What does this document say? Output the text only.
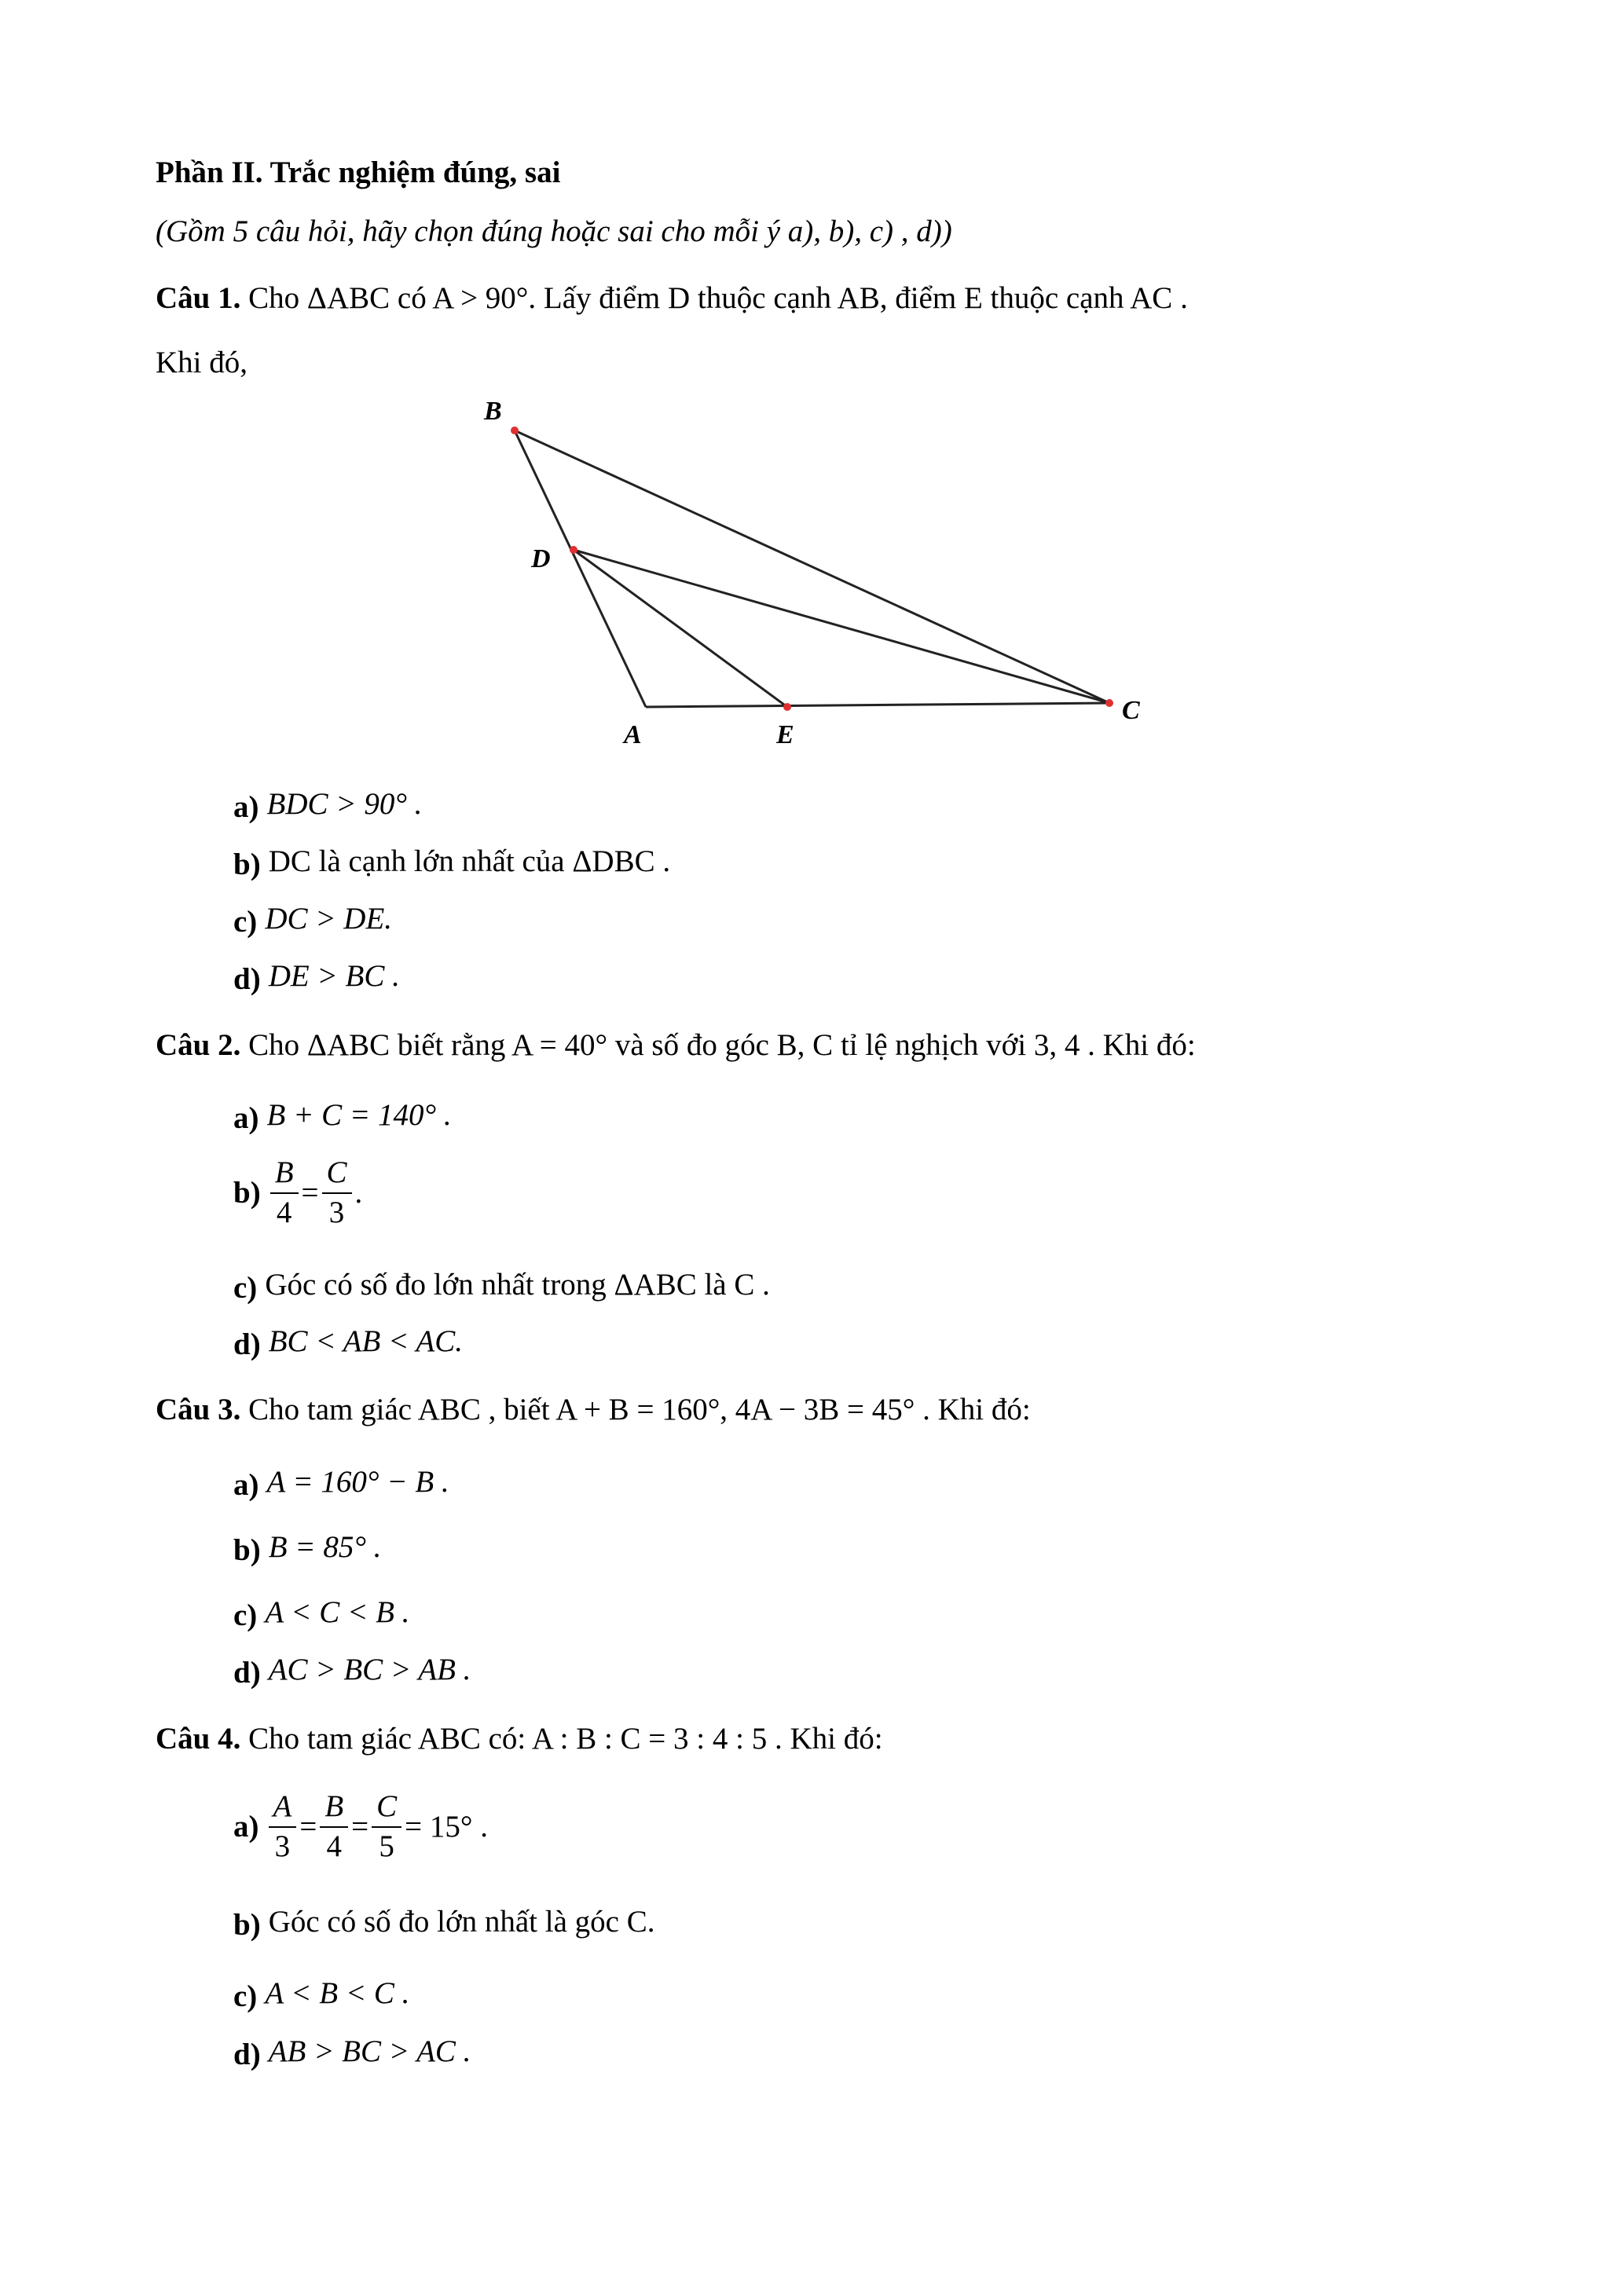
Phần II. Trắc nghiệm đúng, sai
(Gồm 5 câu hỏi, hãy chọn đúng hoặc sai cho mỗi ý a), b), c) , d))
Câu 1. Cho ΔABC có A > 90°. Lấy điểm D thuộc cạnh AB, điểm E thuộc cạnh AC .
Khi đó,
B
D
A	E
C
a) BDC > 90° .
b) DC là cạnh lớn nhất của ΔDBC .
c) DC > DE.
d) DE > BC .
Câu 2. Cho ΔABC biết rằng A = 40° và số đo góc B, C tỉ lệ nghịch với 3, 4 . Khi đó:
a) B + C = 140° .
$b) \frac{B}{4} = \frac{C}{3}$ .
c) Góc có số đo lớn nhất trong ΔABC là C .
d) BC < AB < AC.
Câu 3. Cho tam giác ABC , biết A + B = 160°, 4A − 3B = 45° . Khi đó:
a) A = 160° − B .
b) B = 85° .
c) A < C < B .
d) AC > BC > AB .
Câu 4. Cho tam giác ABC có: A : B : C = 3 : 4 : 5 . Khi đó:
$a) \frac{A}{3} = \frac{B}{4} = \frac{C}{5} = 15^\circ$ .
b) Góc có số đo lớn nhất là góc C.
c) A < B < C .
d) AB > BC > AC .
